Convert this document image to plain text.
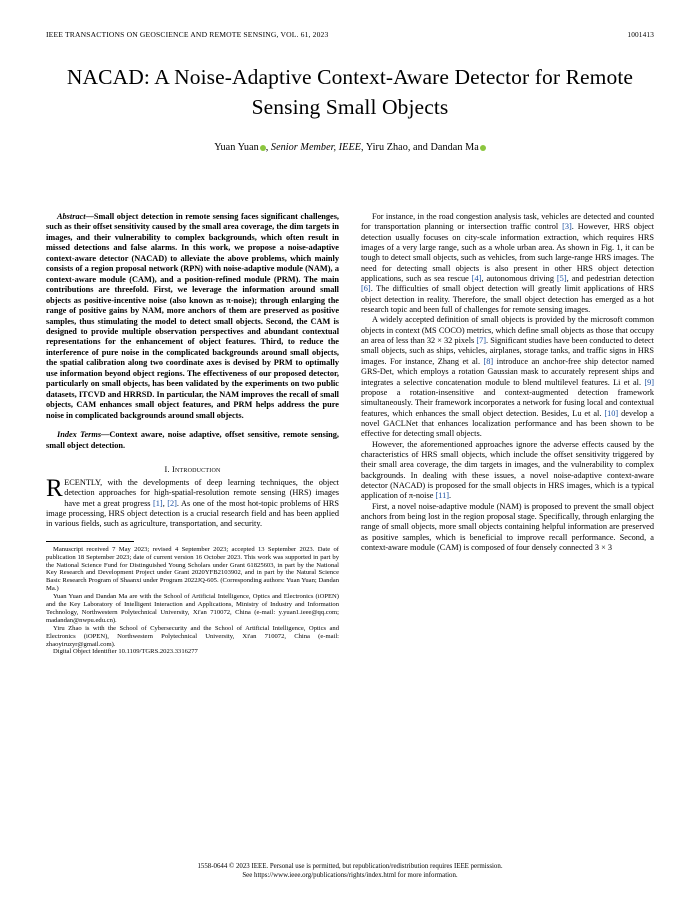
IEEE TRANSACTIONS ON GEOSCIENCE AND REMOTE SENSING, VOL. 61, 2023	1001413
NACAD: A Noise-Adaptive Context-Aware Detector for Remote Sensing Small Objects
Yuan Yuan , Senior Member, IEEE, Yiru Zhao, and Dandan Ma
Abstract—Small object detection in remote sensing faces significant challenges, such as their offset sensitivity caused by the small area coverage, the dim targets in images, and their vulnerability to complex backgrounds, which often result in missed detections and false alarms. In this work, we propose a noise-adaptive context-aware detector (NACAD) to alleviate the above problems, which mainly consists of a region proposal network (RPN) with noise-adaptive module (NAM), a context-aware module (CAM), and a position-refined module (PRM). The main contributions are threefold. First, we leverage the information around small objects as positive-incentive noise (also known as π-noise); through enlarging the range of positive gains by NAM, more anchors of them are preserved as positive samples, thus stimulating the model to detect small objects. Second, the CAM is designed to provide multiple observation perspectives and abundant contextual representations for the enhancement of object features. Third, to reduce the interference of pure noise in the complicated backgrounds around small objects, the spatial calibration along two coordinate axes is devised by PRM to optimally use information beyond object regions. The effectiveness of our proposed detector, particularly on small objects, has been validated by the experiments on two public datasets, ITCVD and HRRSD. In particular, the NAM improves the recall of small objects, CAM enhances small object features, and PRM helps address the pure noise in complicated backgrounds around small objects.
Index Terms—Context aware, noise adaptive, offset sensitive, remote sensing, small object detection.
I. Introduction

RECENTLY, with the developments of deep learning techniques, the object detection approaches for high-spatial-resolution remote sensing (HRS) images have met a great progress [1], [2]. As one of the most hot-topic problems of HRS image processing, HRS object detection is a crucial research field and has been applied in various fields, such as agriculture, transportation, and security.

Manuscript received 7 May 2023; revised 4 September 2023; accepted 13 September 2023. Date of publication 18 September 2023; date of current version 16 October 2023. This work was supported in part by the National Science Fund for Distinguished Young Scholars under Grant 61825603, in part by the National Key Research and Development Project under Grant 2020YFB2103902, and in part by the Natural Science Basic Research Program of Shaanxi under Program 2022JQ-605. (Corresponding authors: Yuan Yuan; Dandan Ma.)
Yuan Yuan and Dandan Ma are with the School of Artificial Intelligence, Optics and Electronics (iOPEN) and the Key Laboratory of Intelligent Interaction and Applications, Ministry of Industry and Information Technology, Northwestern Polytechnical University, Xi'an 710072, China (e-mail: y.yuan1.ieee@qq.com; madandan@nwpu.edu.cn).
Yiru Zhao is with the School of Cybersecurity and the School of Artificial Intelligence, Optics and Electronics (iOPEN), Northwestern Polytechnical University, Xi'an 710072, China (e-mail: zhaoyiruzyr@gmail.com).
Digital Object Identifier 10.1109/TGRS.2023.3316277

For instance, in the road congestion analysis task, vehicles are detected and counted for transportation planning or intersection traffic control [3]. However, HRS object detection usually focuses on city-scale information extraction, which requires HRS images of a very large range, such as a whole urban area. As shown in Fig. 1, it can be tough to detect small objects, such as vehicles, from such large-range HRS images. The need for detecting small objects is also present in other HRS object detection applications, such as sea rescue [4], autonomous driving [5], and pedestrian detection [6]. The difficulties of small object detection will greatly limit applications of HRS object detection in reality. Therefore, the small object detection has emerged as a hot research topic and been full of challenges for remote sensing images.

A widely accepted definition of small objects is provided by the microsoft common objects in context (MS COCO) metrics, which define small objects as those that occupy an area of less than 32 × 32 pixels [7]. Significant studies have been conducted to detect small objects, such as ships, vehicles, airplanes, storage tanks, and traffic signs in HRS images. For instance, Zhang et al. [8] introduce an anchor-free ship detector named GRS-Det, which employs a rotation Gaussian mask to accurately represent ships and integrates a selective concatenation module to blend multilevel features. Li et al. [9] propose a rotation-insensitive and context-augmented detection framework simultaneously. Their framework incorporates a network for fusing local and contextual features, which enhances the small object detection. Besides, Lu et al. [10] develop a novel GACLNet that enhances localization performance and has been shown to be effective for detecting small objects.

However, the aforementioned approaches ignore the adverse effects caused by the characteristics of HRS small objects, which include the offset sensitivity triggered by their small area coverage, the dim targets in images, and the vulnerability to complex backgrounds. In dealing with these issues, a novel noise-adaptive context-aware detector (NACAD) is proposed for the small objects in HRS images, which is a typical application of π-noise [11].

First, a novel noise-adaptive module (NAM) is proposed to prevent the small object anchors from being lost in the region proposal stage. Specifically, through enlarging the range of small objects, more small objects containing helpful information are preserved as positive samples, which is beneficial to improve recall performance. Second, a context-aware module (CAM) is composed of four densely connected 3 × 3

1558-0644 © 2023 IEEE. Personal use is permitted, but republication/redistribution requires IEEE permission.
See https://www.ieee.org/publications/rights/index.html for more information.
